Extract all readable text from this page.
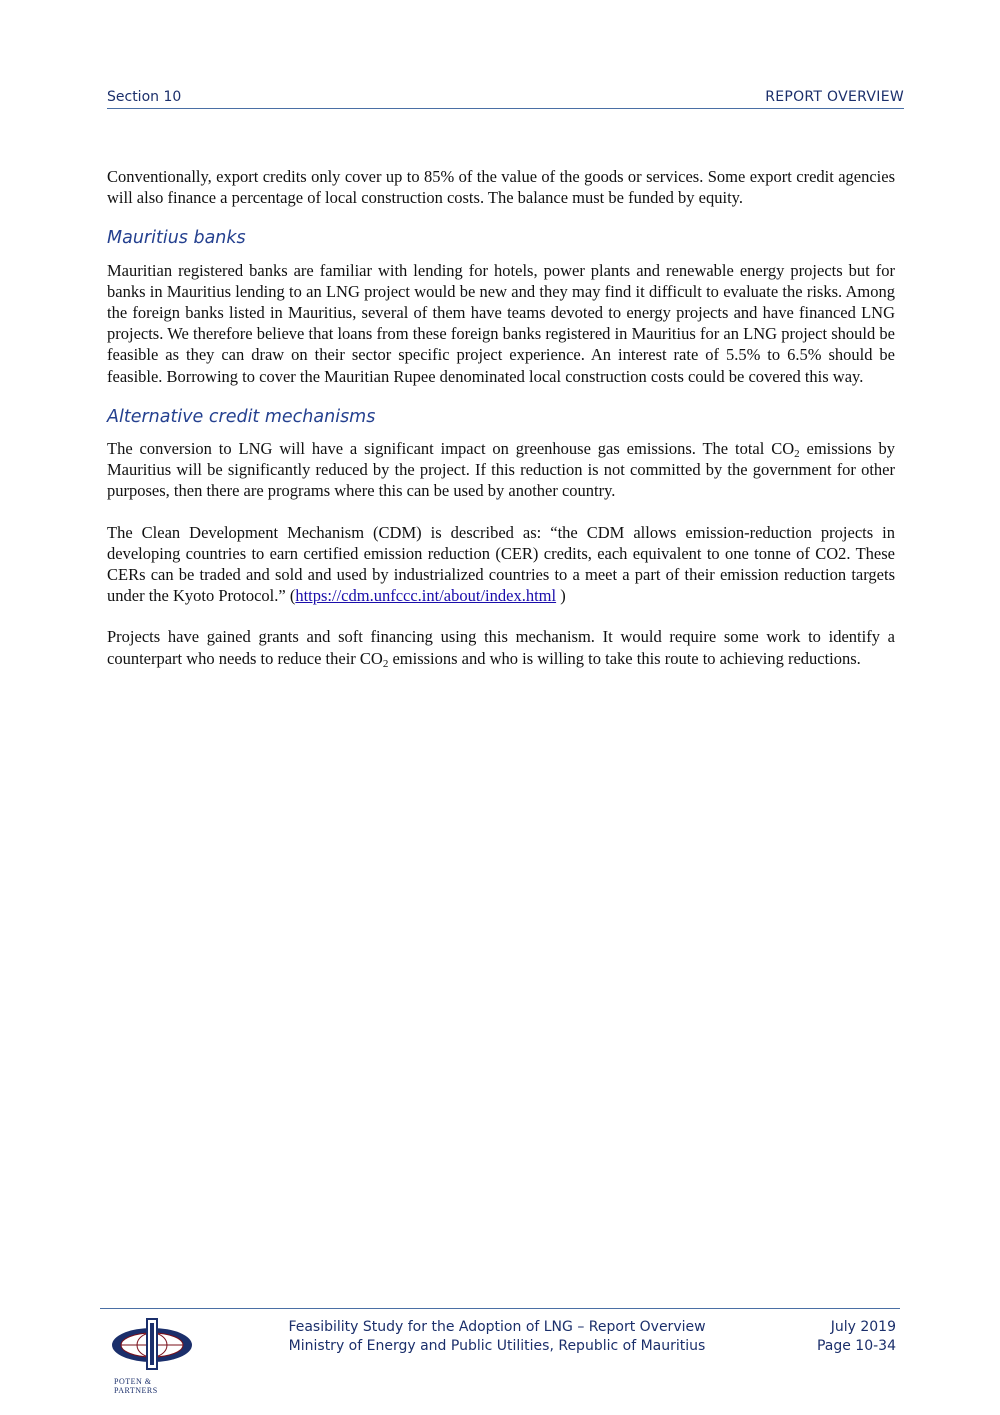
Section 10	REPORT OVERVIEW

Conventionally, export credits only cover up to 85% of the value of the goods or services. Some export credit agencies will also finance a percentage of local construction costs. The balance must be funded by equity.

Mauritius banks

Mauritian registered banks are familiar with lending for hotels, power plants and renewable energy projects but for banks in Mauritius lending to an LNG project would be new and they may find it difficult to evaluate the risks. Among the foreign banks listed in Mauritius, several of them have teams devoted to energy projects and have financed LNG projects. We therefore believe that loans from these foreign banks registered in Mauritius for an LNG project should be feasible as they can draw on their sector specific project experience. An interest rate of 5.5% to 6.5% should be feasible. Borrowing to cover the Mauritian Rupee denominated local construction costs could be covered this way.

Alternative credit mechanisms

The conversion to LNG will have a significant impact on greenhouse gas emissions. The total $CO_2$ emissions by Mauritius will be significantly reduced by the project. If this reduction is not committed by the government for other purposes, then there are programs where this can be used by another country.

The Clean Development Mechanism (CDM) is described as: “the CDM allows emission-reduction projects in developing countries to earn certified emission reduction (CER) credits, each equivalent to one tonne of CO2. These CERs can be traded and sold and used by industrialized countries to a meet a part of their emission reduction targets under the Kyoto Protocol.” (https://cdm.unfccc.int/about/index.html )

Projects have gained grants and soft financing using this mechanism. It would require some work to identify a counterpart who needs to reduce their $CO_2$ emissions and who is willing to take this route to achieving reductions.

POTEN & PARTNERS
Feasibility Study for the Adoption of LNG – Report Overview
Ministry of Energy and Public Utilities, Republic of Mauritius
July 2019
Page 10-34
